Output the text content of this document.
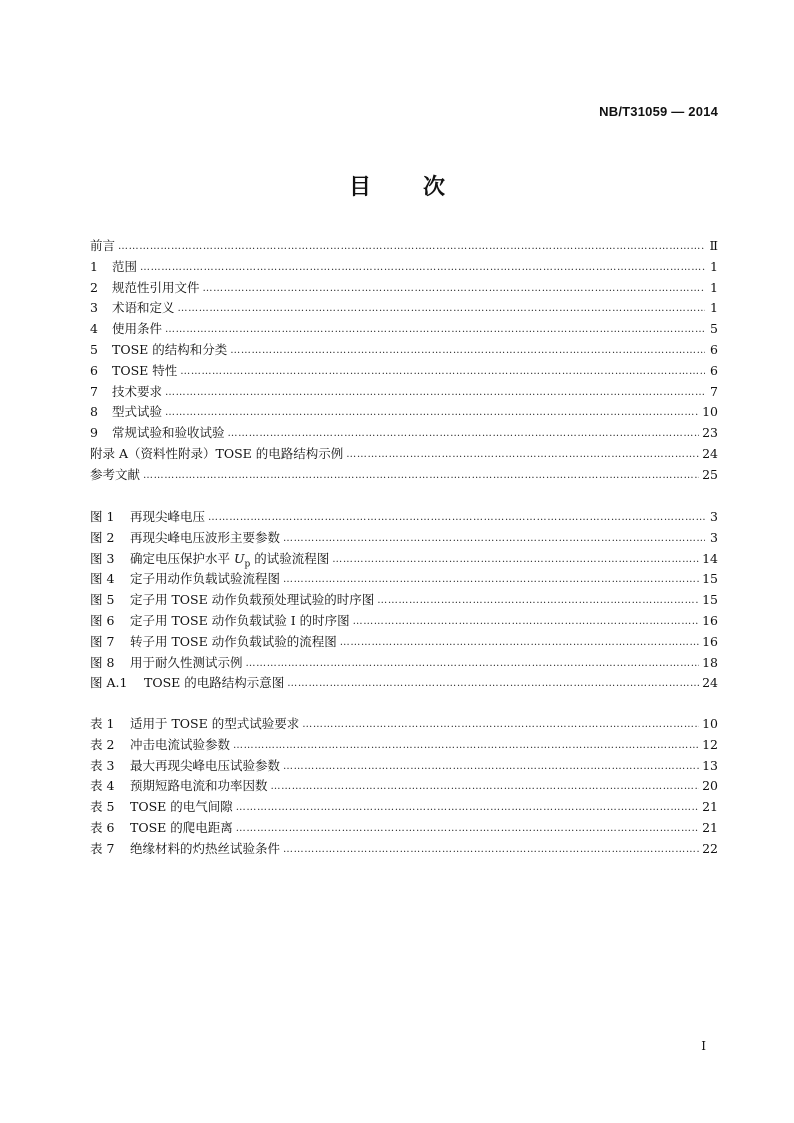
NB/T31059 — 2014
目 次
前言 ……………………………………………………………………………………………………………………………………………………………………………………………………………………………………	Ⅱ
1 范围 ……………………………………………………………………………………………………………………………………………………………………………………………………………………………………	1
2 规范性引用文件 ……………………………………………………………………………………………………………………………………………………………………………………………………………………………………	1
3 术语和定义 ……………………………………………………………………………………………………………………………………………………………………………………………………………………………………	1
4 使用条件 ……………………………………………………………………………………………………………………………………………………………………………………………………………………………………	5
5 TOSE 的结构和分类 ……………………………………………………………………………………………………………………………………………………………………………………………………………………………………	6
6 TOSE 特性 ……………………………………………………………………………………………………………………………………………………………………………………………………………………………………	6
7 技术要求 ……………………………………………………………………………………………………………………………………………………………………………………………………………………………………	7
8 型式试验 ……………………………………………………………………………………………………………………………………………………………………………………………………………………………………	10
9 常规试验和验收试验 ……………………………………………………………………………………………………………………………………………………………………………………………………………………………………	23
附录 A（资料性附录）TOSE 的电路结构示例 ……………………………………………………………………………………………………………………………………………………………………………………………………………………………………	24
参考文献 ……………………………………………………………………………………………………………………………………………………………………………………………………………………………………	25
图 1 再现尖峰电压 ……………………………………………………………………………………………………………………………………………………………………………………………………………………………………	3
图 2 再现尖峰电压波形主要参数 ……………………………………………………………………………………………………………………………………………………………………………………………………………………………………	3
图 3 确定电压保护水平 $U_p$ 的试验流程图 ……………………………………………………………………………………………………………………………………………………………………………………………………………………………………	14
图 4 定子用动作负载试验流程图 ……………………………………………………………………………………………………………………………………………………………………………………………………………………………………	15
图 5 定子用 TOSE 动作负载预处理试验的时序图 ……………………………………………………………………………………………………………………………………………………………………………………………………………………………………	15
图 6 定子用 TOSE 动作负载试验 Ⅰ 的时序图 ……………………………………………………………………………………………………………………………………………………………………………………………………………………………………	16
图 7 转子用 TOSE 动作负载试验的流程图 ……………………………………………………………………………………………………………………………………………………………………………………………………………………………………	16
图 8 用于耐久性测试示例 ……………………………………………………………………………………………………………………………………………………………………………………………………………………………………	18
图 A.1 TOSE 的电路结构示意图 ……………………………………………………………………………………………………………………………………………………………………………………………………………………………………	24
表 1 适用于 TOSE 的型式试验要求 ……………………………………………………………………………………………………………………………………………………………………………………………………………………………………	10
表 2 冲击电流试验参数 ……………………………………………………………………………………………………………………………………………………………………………………………………………………………………	12
表 3 最大再现尖峰电压试验参数 ……………………………………………………………………………………………………………………………………………………………………………………………………………………………………	13
表 4 预期短路电流和功率因数 ……………………………………………………………………………………………………………………………………………………………………………………………………………………………………	20
表 5 TOSE 的电气间隙 ……………………………………………………………………………………………………………………………………………………………………………………………………………………………………	21
表 6 TOSE 的爬电距离 ……………………………………………………………………………………………………………………………………………………………………………………………………………………………………	21
表 7 绝缘材料的灼热丝试验条件 ……………………………………………………………………………………………………………………………………………………………………………………………………………………………………	22
I
